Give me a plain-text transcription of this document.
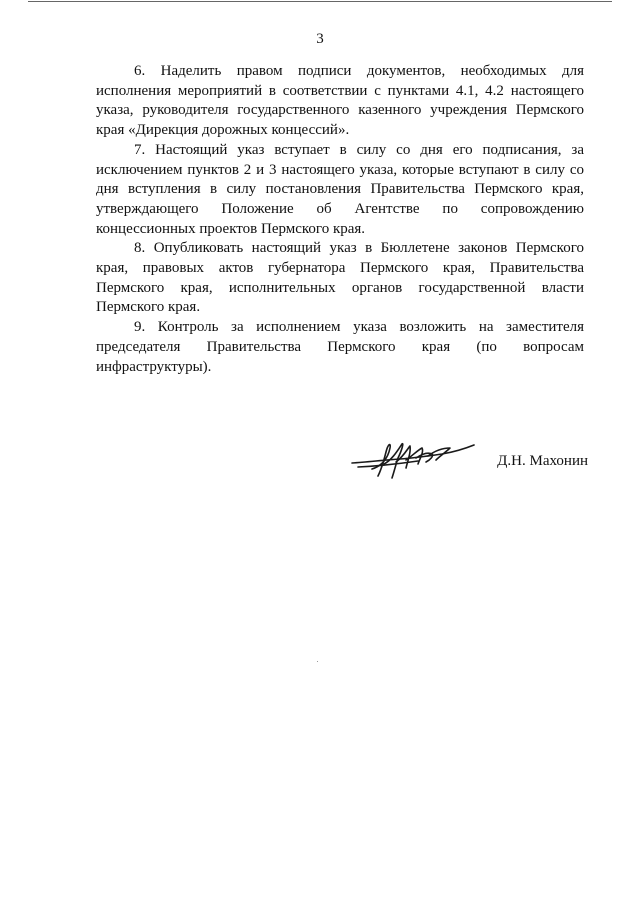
3

6. Наделить правом подписи документов, необходимых для исполнения мероприятий в соответствии с пунктами 4.1, 4.2 настоящего указа, руководителя государственного казенного учреждения Пермского края «Дирекция дорожных концессий».

7. Настоящий указ вступает в силу со дня его подписания, за исключением пунктов 2 и 3 настоящего указа, которые вступают в силу со дня вступления в силу постановления Правительства Пермского края, утверждающего Положение об Агентстве по сопровождению концессионных проектов Пермского края.

8. Опубликовать настоящий указ в Бюллетене законов Пермского края, правовых актов губернатора Пермского края, Правительства Пермского края, исполнительных органов государственной власти Пермского края.

9. Контроль за исполнением указа возложить на заместителя председателя Правительства Пермского края (по вопросам инфраструктуры).

Д.Н. Махонин
